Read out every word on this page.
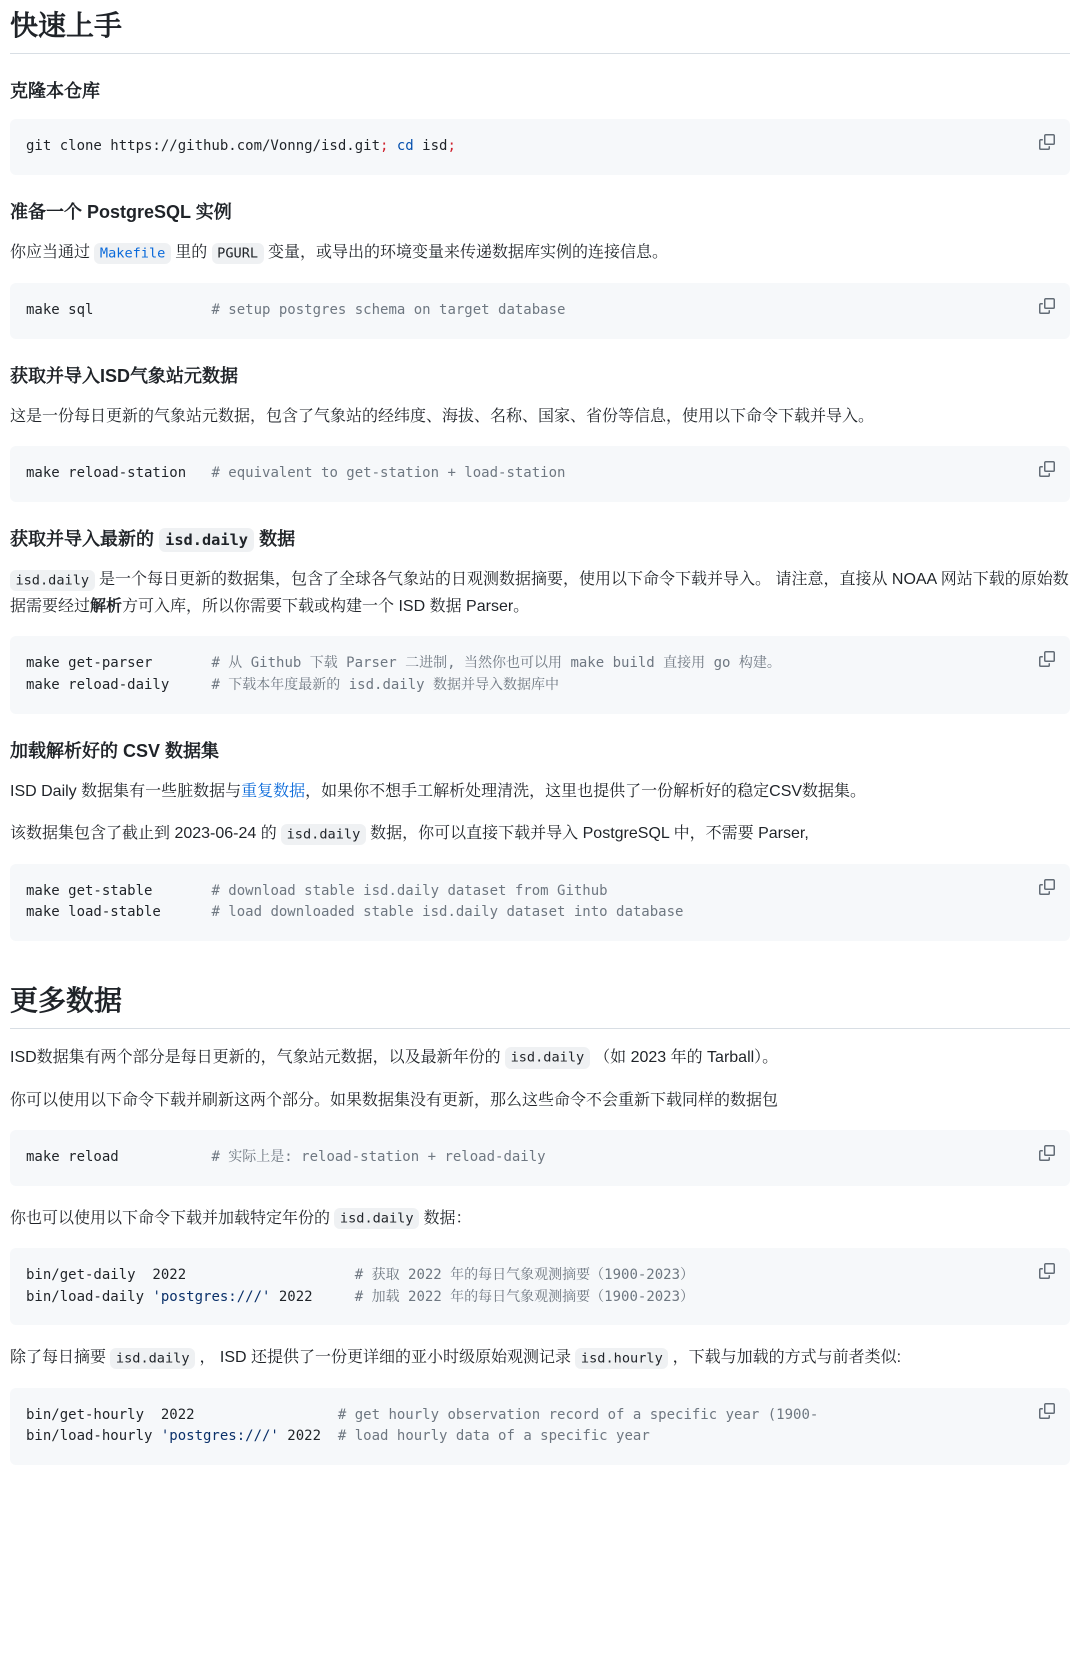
快速上手
克隆本仓库
git clone https://github.com/Vonng/isd.git; cd isd;
准备一个 PostgreSQL 实例

你应当通过 Makefile 里的 PGURL 变量，或导出的环境变量来传递数据库实例的连接信息。

make sql              # setup postgres schema on target database
获取并导入ISD气象站元数据

这是一份每日更新的气象站元数据，包含了气象站的经纬度、海拔、名称、国家、省份等信息，使用以下命令下载并导入。

make reload-station   # equivalent to get-station + load-station
获取并导入最新的 isd.daily 数据

isd.daily 是一个每日更新的数据集，包含了全球各气象站的日观测数据摘要，使用以下命令下载并导入。 请注意，直接从 NOAA 网站下载的原始数据需要经过解析方可入库，所以你需要下载或构建一个 ISD 数据 Parser。

make get-parser       # 从 Github 下载 Parser 二进制, 当然你也可以用 make build 直接用 go 构建。
make reload-daily     # 下载本年度最新的 isd.daily 数据并导入数据库中
加载解析好的 CSV 数据集

ISD Daily 数据集有一些脏数据与重复数据，如果你不想手工解析处理清洗，这里也提供了一份解析好的稳定CSV数据集。

该数据集包含了截止到 2023-06-24 的 isd.daily 数据，你可以直接下载并导入 PostgreSQL 中，不需要 Parser,

make get-stable       # download stable isd.daily dataset from Github
make load-stable      # load downloaded stable isd.daily dataset into database
更多数据

ISD数据集有两个部分是每日更新的，气象站元数据，以及最新年份的 isd.daily （如 2023 年的 Tarball）。

你可以使用以下命令下载并刷新这两个部分。如果数据集没有更新，那么这些命令不会重新下载同样的数据包

make reload           # 实际上是: reload-station + reload-daily

你也可以使用以下命令下载并加载特定年份的 isd.daily 数据：

bin/get-daily  2022                    # 获取 2022 年的每日气象观测摘要（1900-2023）
bin/load-daily 'postgres:///' 2022     # 加载 2022 年的每日气象观测摘要（1900-2023）

除了每日摘要 isd.daily ， ISD 还提供了一份更详细的亚小时级原始观测记录 isd.hourly ，下载与加载的方式与前者类似:

bin/get-hourly  2022                 # get hourly observation record of a specific year (1900-
bin/load-hourly 'postgres:///' 2022  # load hourly data of a specific year
